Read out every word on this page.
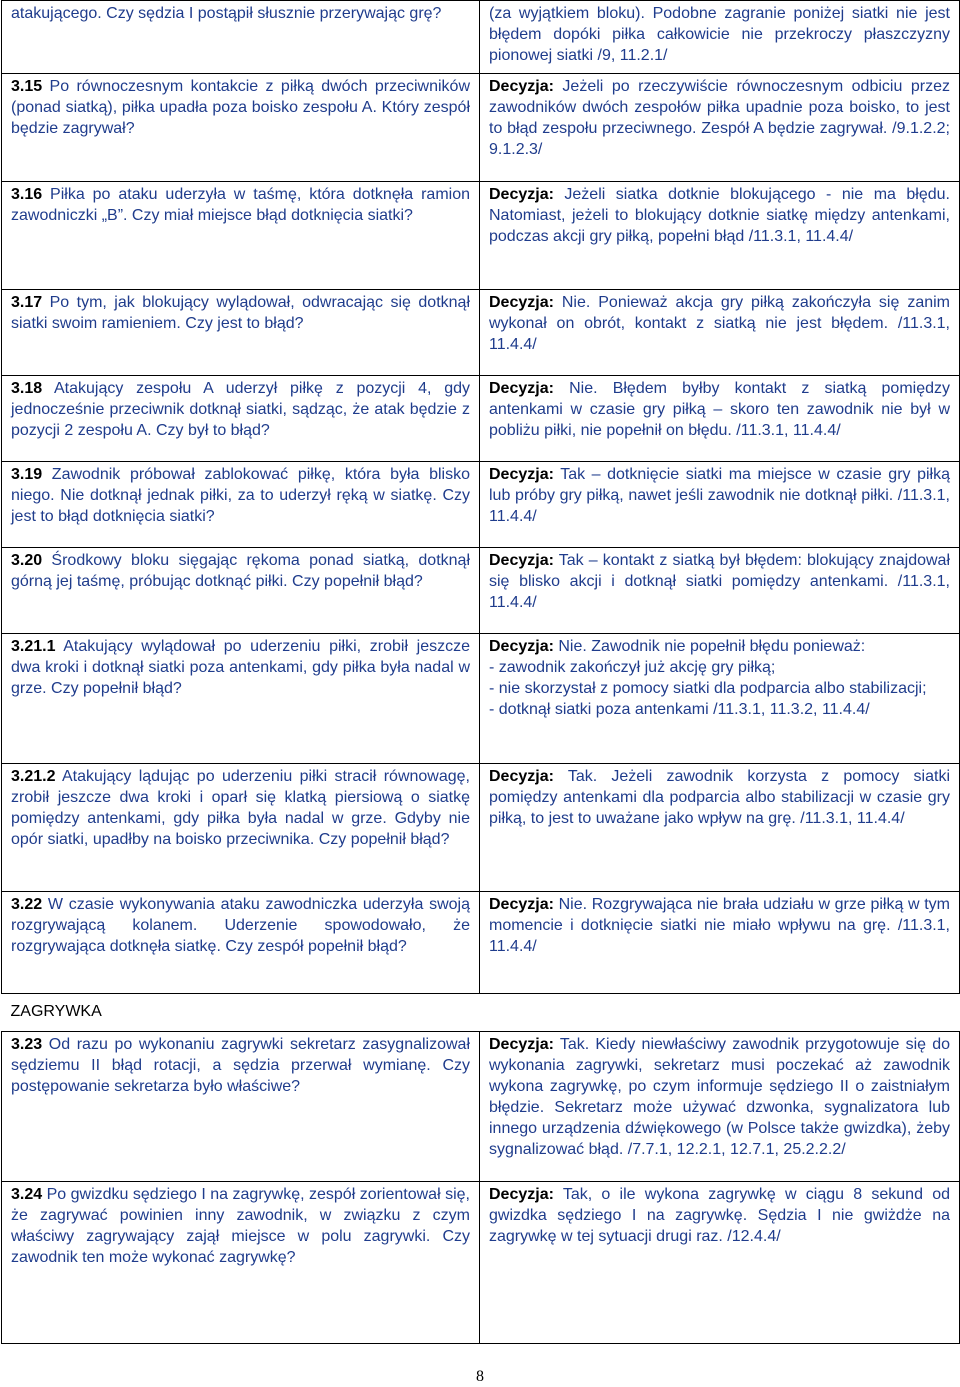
atakującego. Czy sędzia I postąpił słusznie przerywając grę?	(za wyjątkiem bloku). Podobne zagranie poniżej siatki nie jest błędem dopóki piłka całkowicie nie przekroczy płaszczyzny pionowej siatki /9, 11.2.1/

3.15 Po równoczesnym kontakcie z piłką dwóch przeciwników (ponad siatką), piłka upadła poza boisko zespołu A. Który zespół będzie zagrywał?	Decyzja: Jeżeli po rzeczywiście równoczesnym odbiciu przez zawodników dwóch zespołów piłka upadnie poza boisko, to jest to błąd zespołu przeciwnego. Zespół A będzie zagrywał. /9.1.2.2; 9.1.2.3/

3.16 Piłka po ataku uderzyła w taśmę, która dotknęła ramion zawodniczki „B”. Czy miał miejsce błąd dotknięcia siatki?	Decyzja: Jeżeli siatka dotknie blokującego - nie ma błędu. Natomiast, jeżeli to blokujący dotknie siatkę między antenkami, podczas akcji gry piłką, popełni błąd /11.3.1, 11.4.4/

3.17 Po tym, jak blokujący wylądował, odwracając się dotknął siatki swoim ramieniem. Czy jest to błąd?	Decyzja: Nie. Ponieważ akcja gry piłką zakończyła się zanim wykonał on obrót, kontakt z siatką nie jest błędem. /11.3.1, 11.4.4/

3.18 Atakujący zespołu A uderzył piłkę z pozycji 4, gdy jednocześnie przeciwnik dotknął siatki, sądząc, że atak będzie z pozycji 2 zespołu A. Czy był to błąd?	Decyzja: Nie. Błędem byłby kontakt z siatką pomiędzy antenkami w czasie gry piłką – skoro ten zawodnik nie był w pobliżu piłki, nie popełnił on błędu. /11.3.1, 11.4.4/

3.19 Zawodnik próbował zablokować piłkę, która była blisko niego. Nie dotknął jednak piłki, za to uderzył ręką w siatkę. Czy jest to błąd dotknięcia siatki?	Decyzja: Tak – dotknięcie siatki ma miejsce w czasie gry piłką lub próby gry piłką, nawet jeśli zawodnik nie dotknął piłki. /11.3.1, 11.4.4/

3.20 Środkowy bloku sięgając rękoma ponad siatką, dotknął górną jej taśmę, próbując dotknąć piłki. Czy popełnił błąd?	Decyzja: Tak – kontakt z siatką był błędem: blokujący znajdował się blisko akcji i dotknął siatki pomiędzy antenkami. /11.3.1, 11.4.4/

3.21.1 Atakujący wylądował po uderzeniu piłki, zrobił jeszcze dwa kroki i dotknął siatki poza antenkami, gdy piłka była nadal w grze. Czy popełnił błąd?	Decyzja: Nie. Zawodnik nie popełnił błędu ponieważ:

- zawodnik zakończył już akcję gry piłką;

- nie skorzystał z pomocy siatki dla podparcia albo stabilizacji;

- dotknął siatki poza antenkami /11.3.1, 11.3.2, 11.4.4/

3.21.2 Atakujący lądując po uderzeniu piłki stracił równowagę, zrobił jeszcze dwa kroki i oparł się klatką piersiową o siatkę pomiędzy antenkami, gdy piłka była nadal w grze. Gdyby nie opór siatki, upadłby na boisko przeciwnika. Czy popełnił błąd?	Decyzja: Tak. Jeżeli zawodnik korzysta z pomocy siatki pomiędzy antenkami dla podparcia albo stabilizacji w czasie gry piłką, to jest to uważane jako wpływ na grę. /11.3.1, 11.4.4/

3.22 W czasie wykonywania ataku zawodniczka uderzyła swoją rozgrywającą kolanem. Uderzenie spowodowało, że rozgrywająca dotknęła siatkę. Czy zespół popełnił błąd?	Decyzja: Nie. Rozgrywająca nie brała udziału w grze piłką w tym momencie i dotknięcie siatki nie miało wpływu na grę. /11.3.1, 11.4.4/

ZAGRYWKA	

3.23 Od razu po wykonaniu zagrywki sekretarz zasygnalizował sędziemu II błąd rotacji, a sędzia przerwał wymianę. Czy postępowanie sekretarza było właściwe?	Decyzja: Tak. Kiedy niewłaściwy zawodnik przygotowuje się do wykonania zagrywki, sekretarz musi poczekać aż zawodnik wykona zagrywkę, po czym informuje sędziego II o zaistniałym błędzie. Sekretarz może używać dzwonka, sygnalizatora lub innego urządzenia dźwiękowego (w Polsce także gwizdka), żeby sygnalizować błąd. /7.7.1, 12.2.1, 12.7.1, 25.2.2.2/

3.24 Po gwizdku sędziego I na zagrywkę, zespół zorientował się, że zagrywać powinien inny zawodnik, w związku z czym właściwy zagrywający zajął miejsce w polu zagrywki. Czy zawodnik ten może wykonać zagrywkę?	Decyzja: Tak, o ile wykona zagrywkę w ciągu 8 sekund od gwizdka sędziego I na zagrywkę. Sędzia I nie gwiżdże na zagrywkę w tej sytuacji drugi raz. /12.4.4/

8
